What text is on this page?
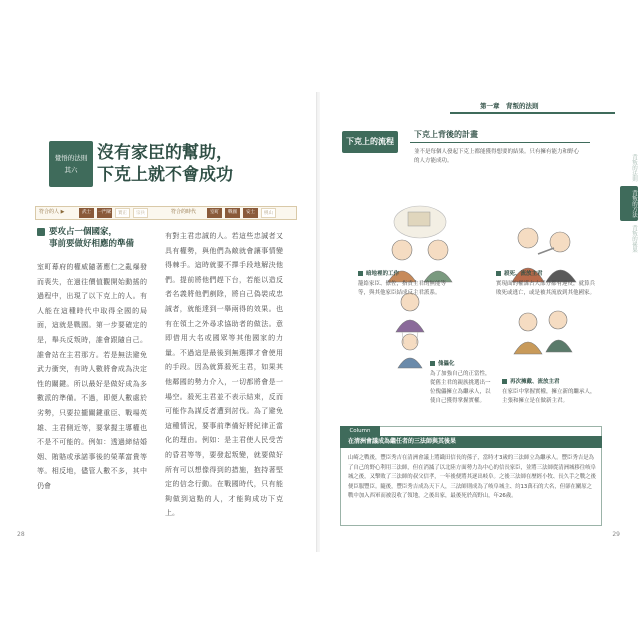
覺悟的法則
其六
沒有家臣的幫助，
下克上就不會成功
符合的人 ▶	武士	一門眾	實正	宗兵	符合的時代	室町	戰國	安土	桃山
要攻占一個國家，
事前要做好相應的準備
室町幕府的權威隨著應仁之亂爆發而喪失，在過往價值觀開始動搖的過程中，出現了以下克上的人。有人能在這種時代中取得全國的局面，這就是戰國。第一步要確定的是，舉兵反叛時，誰會跟隨自己。誰會站在主君那方。若是無法避免武力衝突，有時人數將會成為決定性的關鍵。所以最好是做好成為多數派的準備。不過，即便人數處於劣勢，只要拉攏關鍵重臣、戰場英雄、主君側近等，要掌握主導權也不是不可能的。例如：透過締結婚姻、賄賂或承諾事後的榮華富貴等等。相反地，儘管人數不多，其中仍會
有對主君忠誠的人。若這些忠誠者又具有權勢，與他們為敵就會讓事情變得棘手。這時就要不擇手段地解決他們。提前將他們趕下台，若能以造反者名義將他們剷除，將自己偽裝成忠誠者，就能達到一舉兩得的效果。也有在領土之外尋求協助者的做法。意即借用大名或國眾等其他國家的力量。不過這是最後到無選擇才會使用的手段。因為就算殺死主君，如果其他鄰國的勢力介入，一切都將會是一場空。殺死主君並不表示結束，反而可能作為謀反者遭到討伐。為了避免這種情況，要事前準備好將紀律正當化的理由。例如：是主君使人民受苦的昏君等等，要發起叛變，就要做好所有可以想像得到的措施，抱持著堅定的信念行動。在戰國時代，只有能夠做到這點的人，才能夠成功下克上。
28
第一章　背叛的法則
下克上的流程
下克上背後的計畫
並不是每個人發起下克上都能獲得想要的結果。只有擁有能力和野心的人方能成功。
暗地裡的工作
籠絡家臣、僚佐，指責主君的無能等等，與其他家臣結成反主君派系。
殺死、流放主君
實現面的權謀占大部分都有違反，就算兵敗死或逃亡，或是被其流放到其他國家。
傀儡化
為了加強自己的正當性，從舊主君的親族挑選出一位傀儡擁立為繼承人，以使自己獲得掌握實權。
再次擁戴、流放主君
在家臣中掌握實權，擁立新的繼承人，主張和擁立是在做新主君。
Column
在清洲會議成為繼任者的三法師與其後果
山崎之戰後，豐臣秀吉在清洲會議上將織田信長的孫子，當時才3歲的三法師立為繼承人。豐臣秀吉是為了自己的野心利用三法師，但在消滅了以北陸方面勢力為中心的信長家臣，並將三法師從清洲城移往岐阜城之後，又擊敗了三法師的叔父信孝，一年後便將其逐出岐阜。之後三法師在歷經小牧、長久手之戰之後便臣服豐臣。隨後，豐臣秀吉成為天下人，三法師則成為了岐阜城主、約13萬石的大名，但卻在關原之戰中加入西軍而被沒收了領地，之後出家，最後死於高野山，年26歲。
29
背叛的法則
背叛的方法
背叛的後果
